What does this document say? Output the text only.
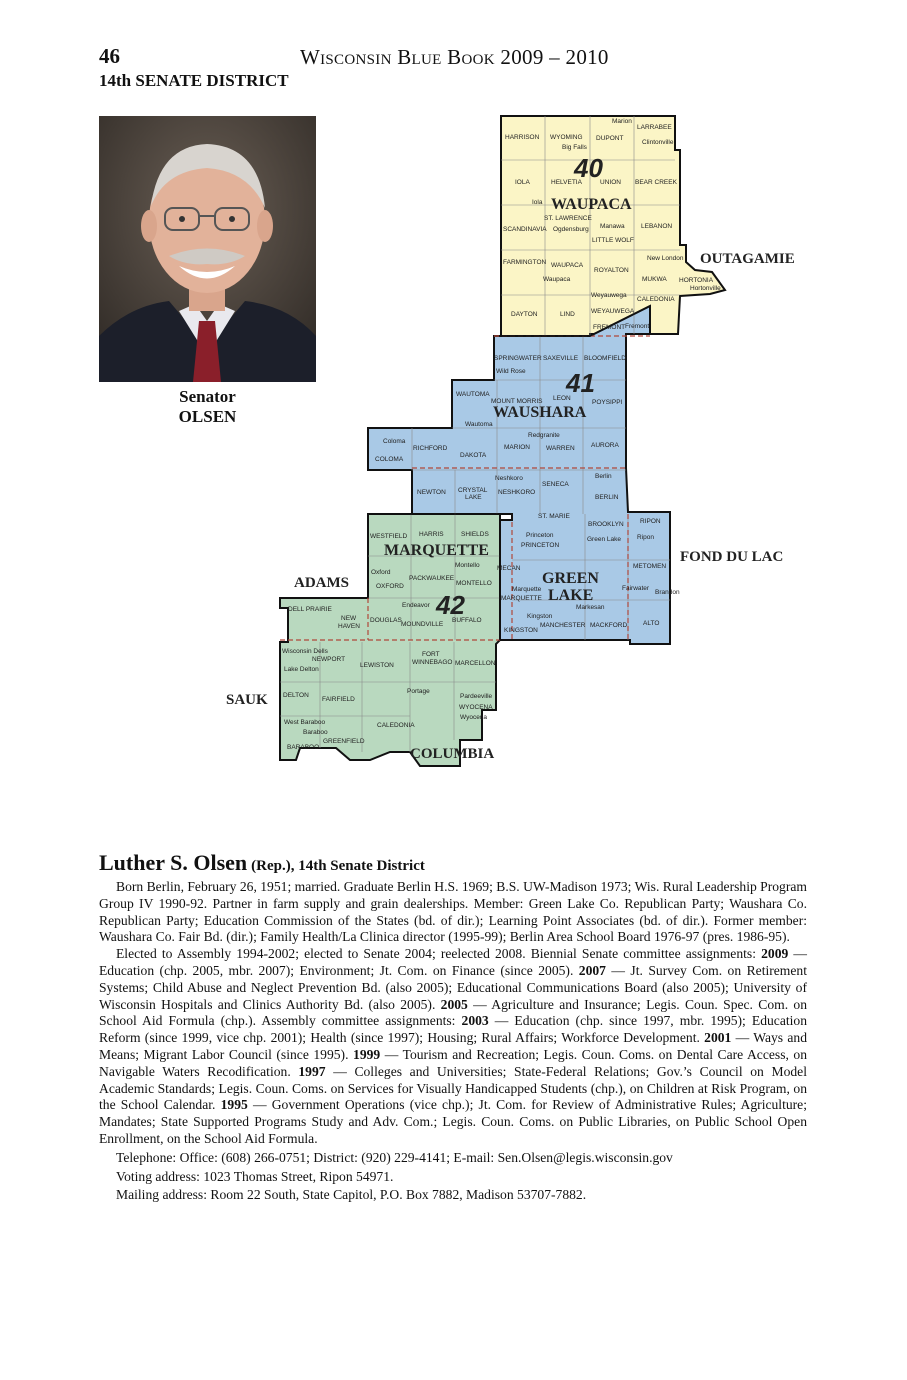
46	Wisconsin Blue Book 2009 – 2010
14th SENATE DISTRICT
Senator
OLSEN
40
41
42
WAUPACA
WAUSHARA
MARQUETTE
GREEN
LAKE
OUTAGAMIE
FOND DU LAC
ADAMS
SAUK
COLUMBIA
Marion
LARRABEE
HARRISON WYOMING DUPONT
Big Falls
Clintonville
IOLA	HELVETIA	UNION BEAR CREEK
Iola
ST. LAWRENCE
SCANDINAVIA Ogdensburg Manawa	LEBANON
LITTLE WOLF
FARMINGTON WAUPACA
ROYALTON
New London
Waupaca	MUKWA HORTONIA
Hortonville
Weyauwega
CALEDONIA
DAYTON	LIND WEYAUWEGA
FREMONT Fremont
SPRINGWATER SAXEVILLE BLOOMFIELD
Wild Rose
WAUTOMA
MOUNT MORRIS LEON
POYSIPPI
Wautoma
Coloma
RICHFORD
Redgranite
COLOMA
DAKOTA
MARION WARREN	AURORA
Neshkoro	Berlin
NEWTON CRYSTAL
LAKE
NESHKORO
SENECA
BERLIN
ST. MARIE
BROOKLYN	RIPON
WESTFIELD HARRIS	SHIELDS	Princeton
PRINCETON
Green Lake Ripon
Montello
Oxford
OXFORD
PACKWAUKEE
MONTELLO
MECAN	METOMEN
Marquette
MARQUETTE
Fairwater
Brandon
DELL PRAIRIE
Endeavor
NEW
HAVEN
DOUGLAS
MOUNDVILLE
BUFFALO
Markesan
Kingston
KINGSTON
MANCHESTER MACKFORD ALTO
Wisconsin Dells
Lake Delton
NEWPORT
LEWISTON
FORT
WINNEBAGO MARCELLON
DELTON
FAIRFIELD
Portage
Pardeeville
WYOCENA
Wyocena
West Baraboo
Baraboo
CALEDONIA
BARABOO
GREENFIELD
Luther S. Olsen (Rep.), 14th Senate District

Born Berlin, February 26, 1951; married. Graduate Berlin H.S. 1969; B.S. UW-Madison 1973; Wis. Rural Leadership Program Group IV 1990-92. Partner in farm supply and grain dealerships. Member: Green Lake Co. Republican Party; Waushara Co. Republican Party; Education Commission of the States (bd. of dir.); Learning Point Associates (bd. of dir.). Former member: Waushara Co. Fair Bd. (dir.); Family Health/La Clinica director (1995-99); Berlin Area School Board 1976-97 (pres. 1986-95).

Elected to Assembly 1994-2002; elected to Senate 2004; reelected 2008. Biennial Senate committee assignments: 2009 — Education (chp. 2005, mbr. 2007); Environment; Jt. Com. on Finance (since 2005). 2007 — Jt. Survey Com. on Retirement Systems; Child Abuse and Neglect Prevention Bd. (also 2005); Educational Communications Board (also 2005); University of Wisconsin Hospitals and Clinics Authority Bd. (also 2005). 2005 — Agriculture and Insurance; Legis. Coun. Spec. Com. on School Aid Formula (chp.). Assembly committee assignments: 2003 — Education (chp. since 1997, mbr. 1995); Education Reform (since 1999, vice chp. 2001); Health (since 1997); Housing; Rural Affairs; Workforce Development. 2001 — Ways and Means; Migrant Labor Council (since 1995). 1999 — Tourism and Recreation; Legis. Coun. Coms. on Dental Care Access, on Navigable Waters Recodification. 1997 — Colleges and Universities; State-Federal Relations; Gov.’s Council on Model Academic Standards; Legis. Coun. Coms. on Services for Visually Handicapped Students (chp.), on Children at Risk Program, on the School Calendar. 1995 — Government Operations (vice chp.); Jt. Com. for Review of Administrative Rules; Agriculture; Mandates; State Supported Programs Study and Adv. Com.; Legis. Coun. Coms. on Public Libraries, on Public School Open Enrollment, on the School Aid Formula.

Telephone: Office: (608) 266-0751; District: (920) 229-4141; E-mail: Sen.Olsen@legis.wisconsin.gov

Voting address: 1023 Thomas Street, Ripon 54971.

Mailing address: Room 22 South, State Capitol, P.O. Box 7882, Madison 53707-7882.
